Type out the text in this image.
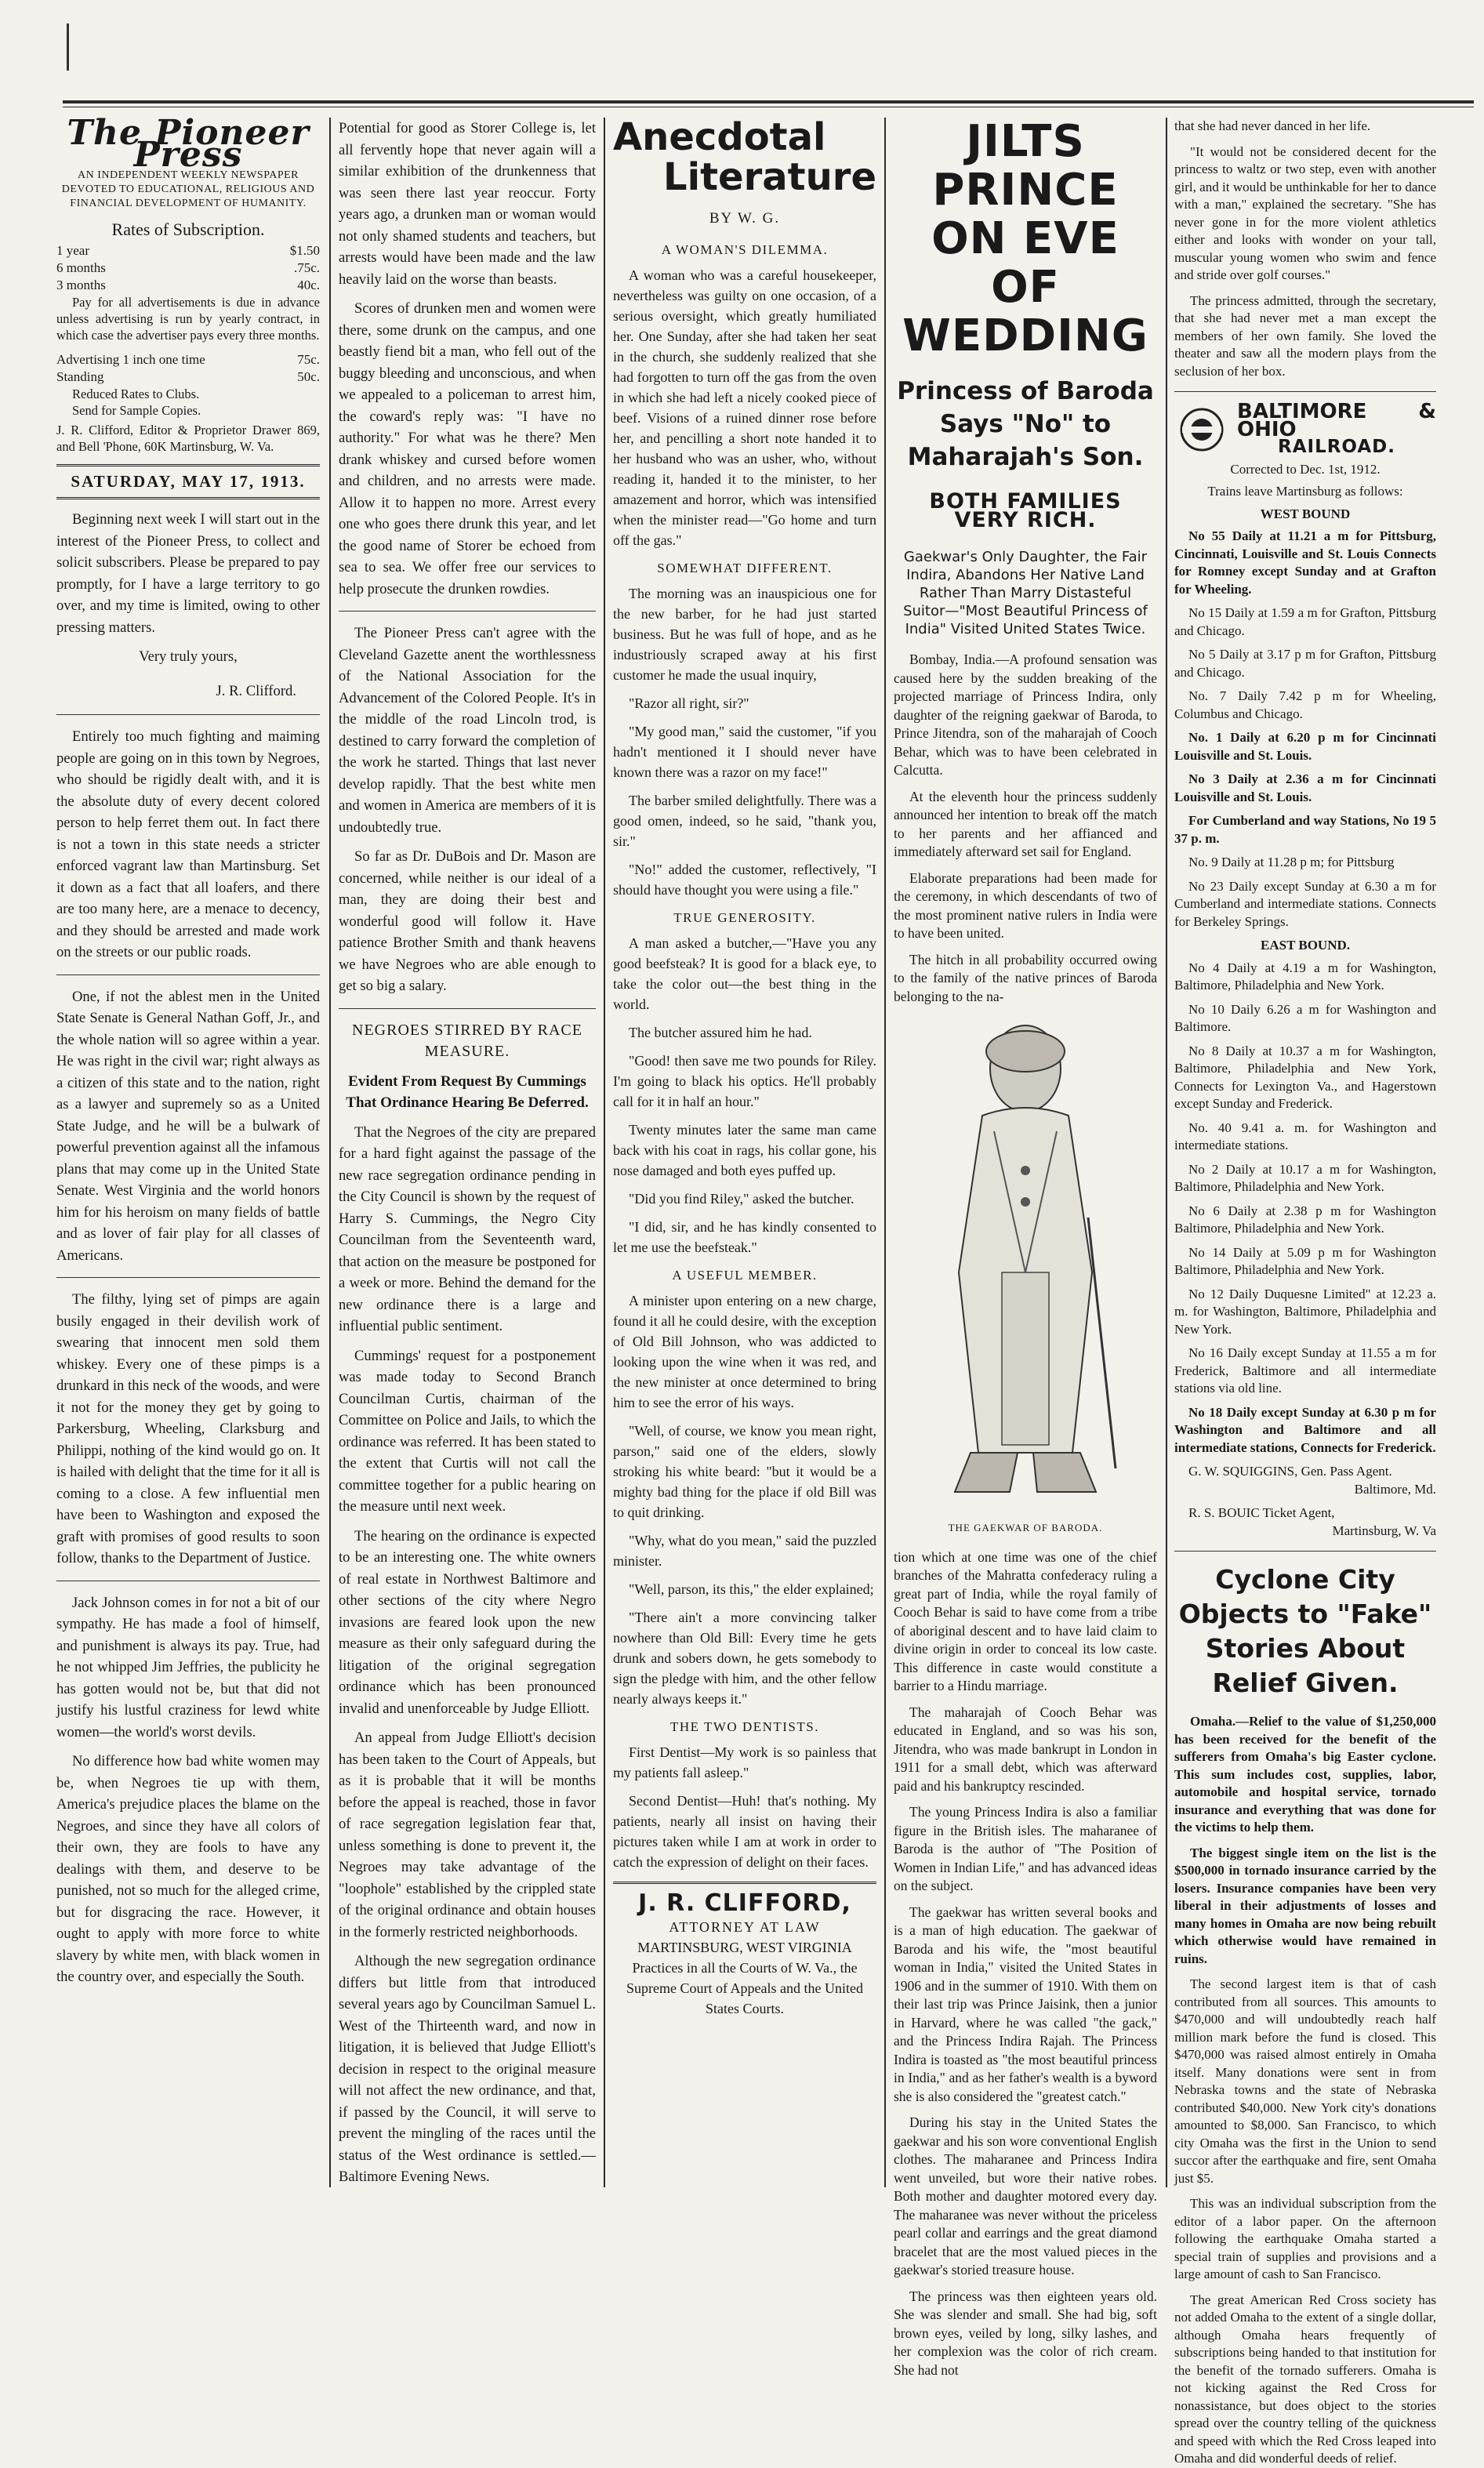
The Pioneer Press
AN INDEPENDENT WEEKLY NEWSPAPER
DEVOTED TO EDUCATIONAL, RELIGIOUS AND
FINANCIAL DEVELOPMENT OF HUMANITY.
Rates of Subscription.
1 year	$1.50
6 months	.75c.
3 months	40c.

Pay for all advertisements is due in advance unless advertising is run by yearly contract, in which case the advertiser pays every three months.

Advertising 1 inch one time	75c.
Standing	50c.
Reduced Rates to Clubs.
Send for Sample Copies.
J. R. Clifford, Editor & Proprietor Drawer 869, and Bell 'Phone, 60K Martinsburg, W. Va.
SATURDAY, MAY 17, 1913.

Beginning next week I will start out in the interest of the Pioneer Press, to collect and solicit subscribers. Please be prepared to pay promptly, for I have a large territory to go over, and my time is limited, owing to other pressing matters.

Very truly yours,
J. R. Clifford.

Entirely too much fighting and maiming people are going on in this town by Negroes, who should be rigidly dealt with, and it is the absolute duty of every decent colored person to help ferret them out. In fact there is not a town in this state needs a stricter enforced vagrant law than Martinsburg. Set it down as a fact that all loafers, and there are too many here, are a menace to decency, and they should be arrested and made work on the streets or our public roads.

One, if not the ablest men in the United State Senate is General Nathan Goff, Jr., and the whole nation will so agree within a year. He was right in the civil war; right always as a citizen of this state and to the nation, right as a lawyer and supremely so as a United State Judge, and he will be a bulwark of powerful prevention against all the infamous plans that may come up in the United State Senate. West Virginia and the world honors him for his heroism on many fields of battle and as lover of fair play for all classes of Americans.

The filthy, lying set of pimps are again busily engaged in their devilish work of swearing that innocent men sold them whiskey. Every one of these pimps is a drunkard in this neck of the woods, and were it not for the money they get by going to Parkersburg, Wheeling, Clarksburg and Philippi, nothing of the kind would go on. It is hailed with delight that the time for it all is coming to a close. A few influential men have been to Washington and exposed the graft with promises of good results to soon follow, thanks to the Department of Justice.

Jack Johnson comes in for not a bit of our sympathy. He has made a fool of himself, and punishment is always its pay. True, had he not whipped Jim Jeffries, the publicity he has gotten would not be, but that did not justify his lustful craziness for lewd white women—the world's worst devils.

No difference how bad white women may be, when Negroes tie up with them, America's prejudice places the blame on the Negroes, and since they have all colors of their own, they are fools to have any dealings with them, and deserve to be punished, not so much for the alleged crime, but for disgracing the race. However, it ought to apply with more force to white slavery by white men, with black women in the country over, and especially the South.

Potential for good as Storer College is, let all fervently hope that never again will a similar exhibition of the drunkenness that was seen there last year reoccur. Forty years ago, a drunken man or woman would not only shamed students and teachers, but arrests would have been made and the law heavily laid on the worse than beasts.

Scores of drunken men and women were there, some drunk on the campus, and one beastly fiend bit a man, who fell out of the buggy bleeding and unconscious, and when we appealed to a policeman to arrest him, the coward's reply was: "I have no authority." For what was he there? Men drank whiskey and cursed before women and children, and no arrests were made. Allow it to happen no more. Arrest every one who goes there drunk this year, and let the good name of Storer be echoed from sea to sea. We offer free our services to help prosecute the drunken rowdies.

The Pioneer Press can't agree with the Cleveland Gazette anent the worthlessness of the National Association for the Advancement of the Colored People. It's in the middle of the road Lincoln trod, is destined to carry forward the completion of the work he started. Things that last never develop rapidly. That the best white men and women in America are members of it is undoubtedly true.

So far as Dr. DuBois and Dr. Mason are concerned, while neither is our ideal of a man, they are doing their best and wonderful good will follow it. Have patience Brother Smith and thank heavens we have Negroes who are able enough to get so big a salary.

NEGROES STIRRED BY RACE MEASURE.
Evident From Request By Cummings That Ordinance Hearing Be Deferred.

That the Negroes of the city are prepared for a hard fight against the passage of the new race segregation ordinance pending in the City Council is shown by the request of Harry S. Cummings, the Negro City Councilman from the Seventeenth ward, that action on the measure be postponed for a week or more. Behind the demand for the new ordinance there is a large and influential public sentiment.

Cummings' request for a postponement was made today to Second Branch Councilman Curtis, chairman of the Committee on Police and Jails, to which the ordinance was referred. It has been stated to the extent that Curtis will not call the committee together for a public hearing on the measure until next week.

The hearing on the ordinance is expected to be an interesting one. The white owners of real estate in Northwest Baltimore and other sections of the city where Negro invasions are feared look upon the new measure as their only safeguard during the litigation of the original segregation ordinance which has been pronounced invalid and unenforceable by Judge Elliott.

An appeal from Judge Elliott's decision has been taken to the Court of Appeals, but as it is probable that it will be months before the appeal is reached, those in favor of race segregation legislation fear that, unless something is done to prevent it, the Negroes may take advantage of the "loophole" established by the crippled state of the original ordinance and obtain houses in the formerly restricted neighborhoods.

Although the new segregation ordinance differs but little from that introduced several years ago by Councilman Samuel L. West of the Thirteenth ward, and now in litigation, it is believed that Judge Elliott's decision in respect to the original measure will not affect the new ordinance, and that, if passed by the Council, it will serve to prevent the mingling of the races until the status of the West ordinance is settled.—Baltimore Evening News.

Anecdotal
Literature
BY W. G.
A WOMAN'S DILEMMA.

A woman who was a careful housekeeper, nevertheless was guilty on one occasion, of a serious oversight, which greatly humiliated her. One Sunday, after she had taken her seat in the church, she suddenly realized that she had forgotten to turn off the gas from the oven in which she had left a nicely cooked piece of beef. Visions of a ruined dinner rose before her, and pencilling a short note handed it to her husband who was an usher, who, without reading it, handed it to the minister, to her amazement and horror, which was intensified when the minister read—"Go home and turn off the gas."

SOMEWHAT DIFFERENT.

The morning was an inauspicious one for the new barber, for he had just started business. But he was full of hope, and as he industriously scraped away at his first customer he made the usual inquiry,

"Razor all right, sir?"

"My good man," said the customer, "if you hadn't mentioned it I should never have known there was a razor on my face!"

The barber smiled delightfully. There was a good omen, indeed, so he said, "thank you, sir."

"No!" added the customer, reflectively, "I should have thought you were using a file."

TRUE GENEROSITY.

A man asked a butcher,—"Have you any good beefsteak? It is good for a black eye, to take the color out—the best thing in the world.

The butcher assured him he had.

"Good! then save me two pounds for Riley. I'm going to black his optics. He'll probably call for it in half an hour."

Twenty minutes later the same man came back with his coat in rags, his collar gone, his nose damaged and both eyes puffed up.

"Did you find Riley," asked the butcher.

"I did, sir, and he has kindly consented to let me use the beefsteak."

A USEFUL MEMBER.

A minister upon entering on a new charge, found it all he could desire, with the exception of Old Bill Johnson, who was addicted to looking upon the wine when it was red, and the new minister at once determined to bring him to see the error of his ways.

"Well, of course, we know you mean right, parson," said one of the elders, slowly stroking his white beard: "but it would be a mighty bad thing for the place if old Bill was to quit drinking.

"Why, what do you mean," said the puzzled minister.

"Well, parson, its this," the elder explained;

"There ain't a more convincing talker nowhere than Old Bill: Every time he gets drunk and sobers down, he gets somebody to sign the pledge with him, and the other fellow nearly always keeps it."

THE TWO DENTISTS.

First Dentist—My work is so painless that my patients fall asleep."

Second Dentist—Huh! that's nothing. My patients, nearly all insist on having their pictures taken while I am at work in order to catch the expression of delight on their faces.

J. R. CLIFFORD,
ATTORNEY AT LAW
MARTINSBURG, WEST VIRGINIA
Practices in all the Courts of W. Va., the Supreme Court of Appeals and the United States Courts.
JILTS PRINCE ON EVE OF WEDDING
Princess of Baroda Says "No" to Maharajah's Son.
BOTH FAMILIES VERY RICH.
Gaekwar's Only Daughter, the Fair Indira, Abandons Her Native Land Rather Than Marry Distasteful Suitor—"Most Beautiful Princess of India" Visited United States Twice.

Bombay, India.—A profound sensation was caused here by the sudden breaking of the projected marriage of Princess Indira, only daughter of the reigning gaekwar of Baroda, to Prince Jitendra, son of the maharajah of Cooch Behar, which was to have been celebrated in Calcutta.

At the eleventh hour the princess suddenly announced her intention to break off the match to her parents and her affianced and immediately afterward set sail for England.

Elaborate preparations had been made for the ceremony, in which descendants of two of the most prominent native rulers in India were to have been united.

The hitch in all probability occurred owing to the family of the native princes of Baroda belonging to the na-

THE GAEKWAR OF BARODA.

tion which at one time was one of the chief branches of the Mahratta confederacy ruling a great part of India, while the royal family of Cooch Behar is said to have come from a tribe of aboriginal descent and to have laid claim to divine origin in order to conceal its low caste. This difference in caste would constitute a barrier to a Hindu marriage.

The maharajah of Cooch Behar was educated in England, and so was his son, Jitendra, who was made bankrupt in London in 1911 for a small debt, which was afterward paid and his bankruptcy rescinded.

The young Princess Indira is also a familiar figure in the British isles. The maharanee of Baroda is the author of "The Position of Women in Indian Life," and has advanced ideas on the subject.

The gaekwar has written several books and is a man of high education. The gaekwar of Baroda and his wife, the "most beautiful woman in India," visited the United States in 1906 and in the summer of 1910. With them on their last trip was Prince Jaisink, then a junior in Harvard, where he was called "the gack," and the Princess Indira Rajah. The Princess Indira is toasted as "the most beautiful princess in India," and as her father's wealth is a byword she is also considered the "greatest catch."

During his stay in the United States the gaekwar and his son wore conventional English clothes. The maharanee and Princess Indira went unveiled, but wore their native robes. Both mother and daughter motored every day. The maharanee was never without the priceless pearl collar and earrings and the great diamond bracelet that are the most valued pieces in the gaekwar's storied treasure house.

The princess was then eighteen years old. She was slender and small. She had big, soft brown eyes, veiled by long, silky lashes, and her complexion was the color of rich cream. She had not

that she had never danced in her life.

"It would not be considered decent for the princess to waltz or two step, even with another girl, and it would be unthinkable for her to dance with a man," explained the secretary. "She has never gone in for the more violent athletics either and looks with wonder on your tall, muscular young women who swim and fence and stride over golf courses."

The princess admitted, through the secretary, that she had never met a man except the members of her own family. She loved the theater and saw all the modern plays from the seclusion of her box.

BALTIMORE & OHIO
RAILROAD.
Corrected to Dec. 1st, 1912.
Trains leave Martinsburg as follows:
WEST BOUND

No 55 Daily at 11.21 a m for Pittsburg, Cincinnati, Louisville and St. Louis Connects for Romney except Sunday and at Grafton for Wheeling.

No 15 Daily at 1.59 a m for Grafton, Pittsburg and Chicago.

No 5 Daily at 3.17 p m for Grafton, Pittsburg and Chicago.

No. 7 Daily 7.42 p m for Wheeling, Columbus and Chicago.

No. 1 Daily at 6.20 p m for Cincinnati Louisville and St. Louis.

No 3 Daily at 2.36 a m for Cincinnati Louisville and St. Louis.

For Cumberland and way Stations, No 19 5 37 p. m.

No. 9 Daily at 11.28 p m; for Pittsburg

No 23 Daily except Sunday at 6.30 a m for Cumberland and intermediate stations. Connects for Berkeley Springs.

EAST BOUND.

No 4 Daily at 4.19 a m for Washington, Baltimore, Philadelphia and New York.

No 10 Daily 6.26 a m for Washington and Baltimore.

No 8 Daily at 10.37 a m for Washington, Baltimore, Philadelphia and New York, Connects for Lexington Va., and Hagerstown except Sunday and Frederick.

No. 40 9.41 a. m. for Washington and intermediate stations.

No 2 Daily at 10.17 a m for Washington, Baltimore, Philadelphia and New York.

No 6 Daily at 2.38 p m for Washington Baltimore, Philadelphia and New York.

No 14 Daily at 5.09 p m for Washington Baltimore, Philadelphia and New York.

No 12 Daily Duquesne Limited" at 12.23 a. m. for Washington, Baltimore, Philadelphia and New York.

No 16 Daily except Sunday at 11.55 a m for Frederick, Baltimore and all intermediate stations via old line.

No 18 Daily except Sunday at 6.30 p m for Washington and Baltimore and all intermediate stations, Connects for Frederick.

G. W. SQUIGGINS, Gen. Pass Agent.
Baltimore, Md.
R. S. BOUIC Ticket Agent,
Martinsburg, W. Va
Cyclone City Objects to "Fake" Stories About Relief Given.

Omaha.—Relief to the value of $1,250,000 has been received for the benefit of the sufferers from Omaha's big Easter cyclone. This sum includes cost, supplies, labor, automobile and hospital service, tornado insurance and everything that was done for the victims to help them.

The biggest single item on the list is the $500,000 in tornado insurance carried by the losers. Insurance companies have been very liberal in their adjustments of losses and many homes in Omaha are now being rebuilt which otherwise would have remained in ruins.

The second largest item is that of cash contributed from all sources. This amounts to $470,000 and will undoubtedly reach half million mark before the fund is closed. This $470,000 was raised almost entirely in Omaha itself. Many donations were sent in from Nebraska towns and the state of Nebraska contributed $40,000. New York city's donations amounted to $8,000. San Francisco, to which city Omaha was the first in the Union to send succor after the earthquake and fire, sent Omaha just $5.

This was an individual subscription from the editor of a labor paper. On the afternoon following the earthquake Omaha started a special train of supplies and provisions and a large amount of cash to San Francisco.

The great American Red Cross society has not added Omaha to the extent of a single dollar, although Omaha hears frequently of subscriptions being handed to that institution for the benefit of the tornado sufferers. Omaha is not kicking against the Red Cross for nonassistance, but does object to the stories spread over the country telling of the quickness and speed with which the Red Cross leaped into Omaha and did wonderful deeds of relief.
